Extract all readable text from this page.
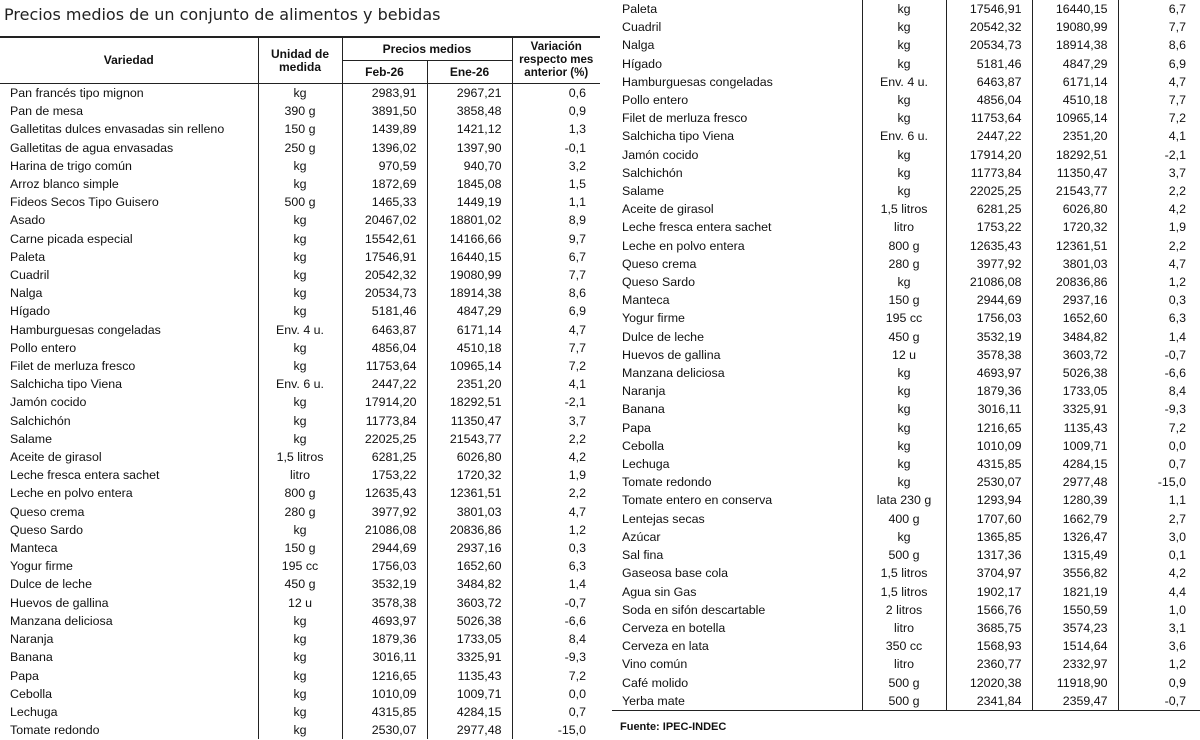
Precios medios de un conjunto de alimentos y bebidas
Variedad	Unidad de medida	Precios medios		Variación respecto mes anterior (%)
		Feb-26	Ene-26	
Pan francés tipo mignon	kg	2983,91	2967,21	0,6
Pan de mesa	390 g	3891,50	3858,48	0,9
Galletitas dulces envasadas sin relleno	150 g	1439,89	1421,12	1,3
Galletitas de agua envasadas	250 g	1396,02	1397,90	-0,1
Harina de trigo común	kg	970,59	940,70	3,2
Arroz blanco simple	kg	1872,69	1845,08	1,5
Fideos Secos Tipo Guisero	500 g	1465,33	1449,19	1,1
Asado	kg	20467,02	18801,02	8,9
Carne picada especial	kg	15542,61	14166,66	9,7
Paleta	kg	17546,91	16440,15	6,7
Cuadril	kg	20542,32	19080,99	7,7
Nalga	kg	20534,73	18914,38	8,6
Hígado	kg	5181,46	4847,29	6,9
Hamburguesas congeladas	Env. 4 u.	6463,87	6171,14	4,7
Pollo entero	kg	4856,04	4510,18	7,7
Filet de merluza fresco	kg	11753,64	10965,14	7,2
Salchicha tipo Viena	Env. 6 u.	2447,22	2351,20	4,1
Jamón cocido	kg	17914,20	18292,51	-2,1
Salchichón	kg	11773,84	11350,47	3,7
Salame	kg	22025,25	21543,77	2,2
Aceite de girasol	1,5 litros	6281,25	6026,80	4,2
Leche fresca entera sachet	litro	1753,22	1720,32	1,9
Leche en polvo entera	800 g	12635,43	12361,51	2,2
Queso crema	280 g	3977,92	3801,03	4,7
Queso Sardo	kg	21086,08	20836,86	1,2
Manteca	150 g	2944,69	2937,16	0,3
Yogur firme	195 cc	1756,03	1652,60	6,3
Dulce de leche	450 g	3532,19	3484,82	1,4
Huevos de gallina	12 u	3578,38	3603,72	-0,7
Manzana deliciosa	kg	4693,97	5026,38	-6,6
Naranja	kg	1879,36	1733,05	8,4
Banana	kg	3016,11	3325,91	-9,3
Papa	kg	1216,65	1135,43	7,2
Cebolla	kg	1010,09	1009,71	0,0
Lechuga	kg	4315,85	4284,15	0,7
Tomate redondo	kg	2530,07	2977,48	-15,0
Paleta	kg	17546,91	16440,15	6,7
Cuadril	kg	20542,32	19080,99	7,7
Nalga	kg	20534,73	18914,38	8,6
Hígado	kg	5181,46	4847,29	6,9
Hamburguesas congeladas	Env. 4 u.	6463,87	6171,14	4,7
Pollo entero	kg	4856,04	4510,18	7,7
Filet de merluza fresco	kg	11753,64	10965,14	7,2
Salchicha tipo Viena	Env. 6 u.	2447,22	2351,20	4,1
Jamón cocido	kg	17914,20	18292,51	-2,1
Salchichón	kg	11773,84	11350,47	3,7
Salame	kg	22025,25	21543,77	2,2
Aceite de girasol	1,5 litros	6281,25	6026,80	4,2
Leche fresca entera sachet	litro	1753,22	1720,32	1,9
Leche en polvo entera	800 g	12635,43	12361,51	2,2
Queso crema	280 g	3977,92	3801,03	4,7
Queso Sardo	kg	21086,08	20836,86	1,2
Manteca	150 g	2944,69	2937,16	0,3
Yogur firme	195 cc	1756,03	1652,60	6,3
Dulce de leche	450 g	3532,19	3484,82	1,4
Huevos de gallina	12 u	3578,38	3603,72	-0,7
Manzana deliciosa	kg	4693,97	5026,38	-6,6
Naranja	kg	1879,36	1733,05	8,4
Banana	kg	3016,11	3325,91	-9,3
Papa	kg	1216,65	1135,43	7,2
Cebolla	kg	1010,09	1009,71	0,0
Lechuga	kg	4315,85	4284,15	0,7
Tomate redondo	kg	2530,07	2977,48	-15,0
Tomate entero en conserva	lata 230 g	1293,94	1280,39	1,1
Lentejas secas	400 g	1707,60	1662,79	2,7
Azúcar	kg	1365,85	1326,47	3,0
Sal fina	500 g	1317,36	1315,49	0,1
Gaseosa base cola	1,5 litros	3704,97	3556,82	4,2
Agua sin Gas	1,5 litros	1902,17	1821,19	4,4
Soda en sifón descartable	2 litros	1566,76	1550,59	1,0
Cerveza en botella	litro	3685,75	3574,23	3,1
Cerveza en lata	350 cc	1568,93	1514,64	3,6
Vino común	litro	2360,77	2332,97	1,2
Café molido	500 g	12020,38	11918,90	0,9
Yerba mate	500 g	2341,84	2359,47	-0,7
Fuente: IPEC-INDEC
